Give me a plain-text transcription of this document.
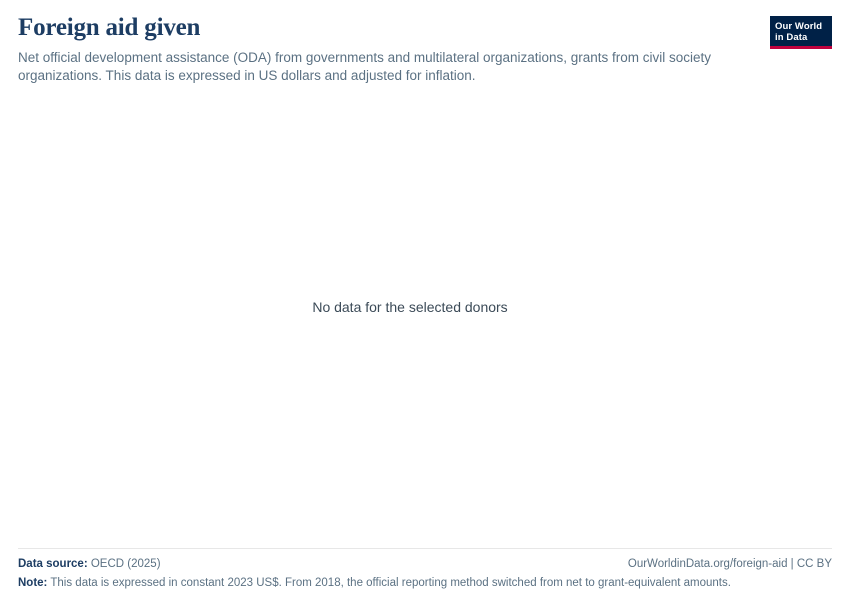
Foreign aid given

Net official development assistance (ODA) from governments and multilateral organizations, grants from civil society organizations. This data is expressed in US dollars and adjusted for inflation.

Our World
in Data
No data for the selected donors
Data source: OECD (2025)	OurWorldinData.org/foreign-aid | CC BY
Note: This data is expressed in constant 2023 US$. From 2018, the official reporting method switched from net to grant-equivalent amounts.
